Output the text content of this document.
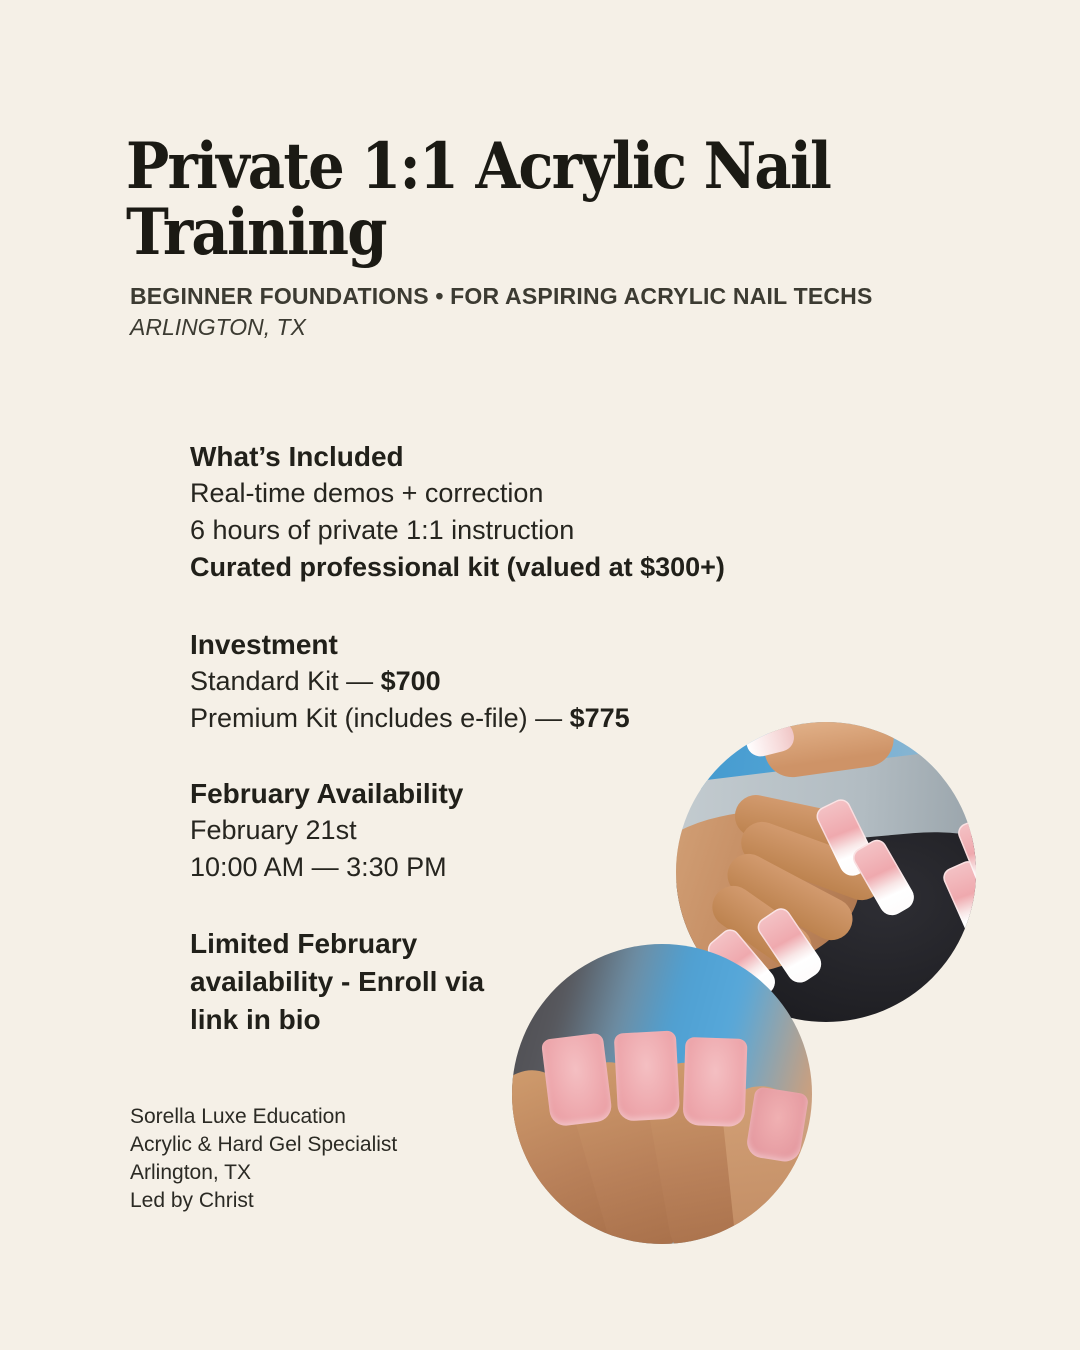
Private 1:1 Acrylic Nail
Training
BEGINNER FOUNDATIONS • FOR ASPIRING ACRYLIC NAIL TECHS
ARLINGTON, TX
What’s Included
Real-time demos + correction
6 hours of private 1:1 instruction
Curated professional kit (valued at $300+)
Investment
Standard Kit — $700
Premium Kit (includes e-file) — $775
February Availability
February 21st
10:00 AM — 3:30 PM
Limited February availability - Enroll via link in bio
Sorella Luxe Education
Acrylic & Hard Gel Specialist
Arlington, TX
Led by Christ
